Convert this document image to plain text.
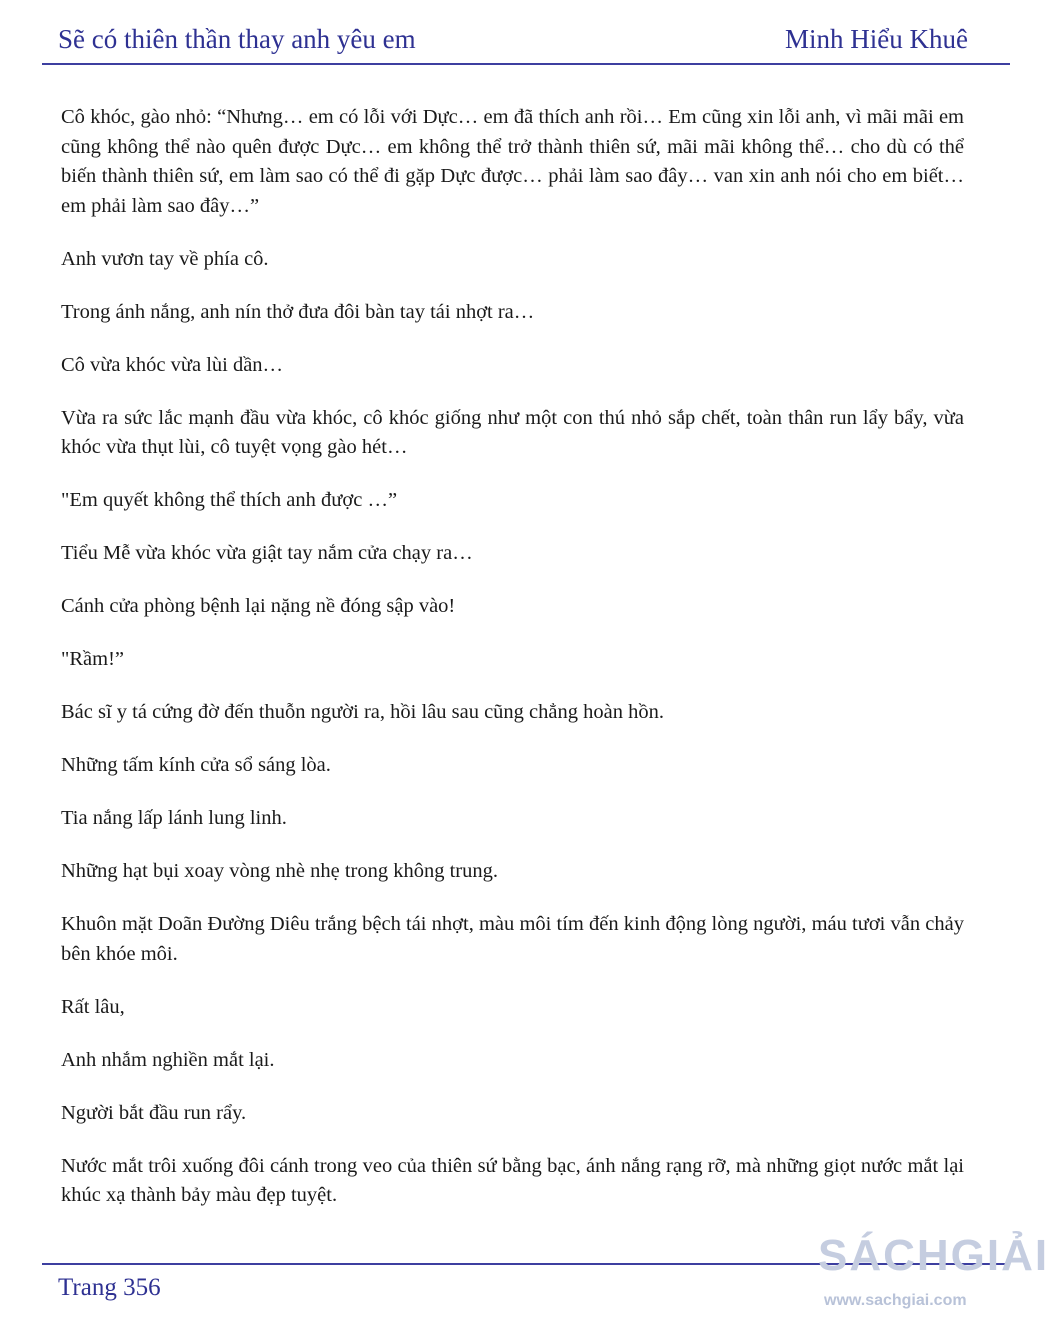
Sẽ có thiên thần thay anh yêu em	Minh Hiểu Khuê

Cô khóc, gào nhỏ: “Nhưng… em có lỗi với Dực… em đã thích anh rồi… Em cũng xin lỗi anh, vì mãi mãi em cũng không thể nào quên được Dực… em không thể trở thành thiên sứ, mãi mãi không thể… cho dù có thể biến thành thiên sứ, em làm sao có thể đi gặp Dực được… phải làm sao đây… van xin anh nói cho em biết… em phải làm sao đây…”

Anh vươn tay về phía cô.

Trong ánh nắng, anh nín thở đưa đôi bàn tay tái nhợt ra…

Cô vừa khóc vừa lùi dần…

Vừa ra sức lắc mạnh đầu vừa khóc, cô khóc giống như một con thú nhỏ sắp chết, toàn thân run lẩy bẩy, vừa khóc vừa thụt lùi, cô tuyệt vọng gào hét…

"Em quyết không thể thích anh được …”

Tiểu Mễ vừa khóc vừa giật tay nắm cửa chạy ra…

Cánh cửa phòng bệnh lại nặng nề đóng sập vào!

"Rầm!”

Bác sĩ y tá cứng đờ đến thuỗn người ra, hồi lâu sau cũng chẳng hoàn hồn.

Những tấm kính cửa sổ sáng lòa.

Tia nắng lấp lánh lung linh.

Những hạt bụi xoay vòng nhè nhẹ trong không trung.

Khuôn mặt Doãn Đường Diêu trắng bệch tái nhợt, màu môi tím đến kinh động lòng người, máu tươi vẫn chảy bên khóe môi.

Rất lâu,

Anh nhắm nghiền mắt lại.

Người bắt đầu run rẩy.

Nước mắt trôi xuống đôi cánh trong veo của thiên sứ bằng bạc, ánh nắng rạng rỡ, mà những giọt nước mắt lại khúc xạ thành bảy màu đẹp tuyệt.

Trang 356
SÁCHGIẢI
www.sachgiai.com
